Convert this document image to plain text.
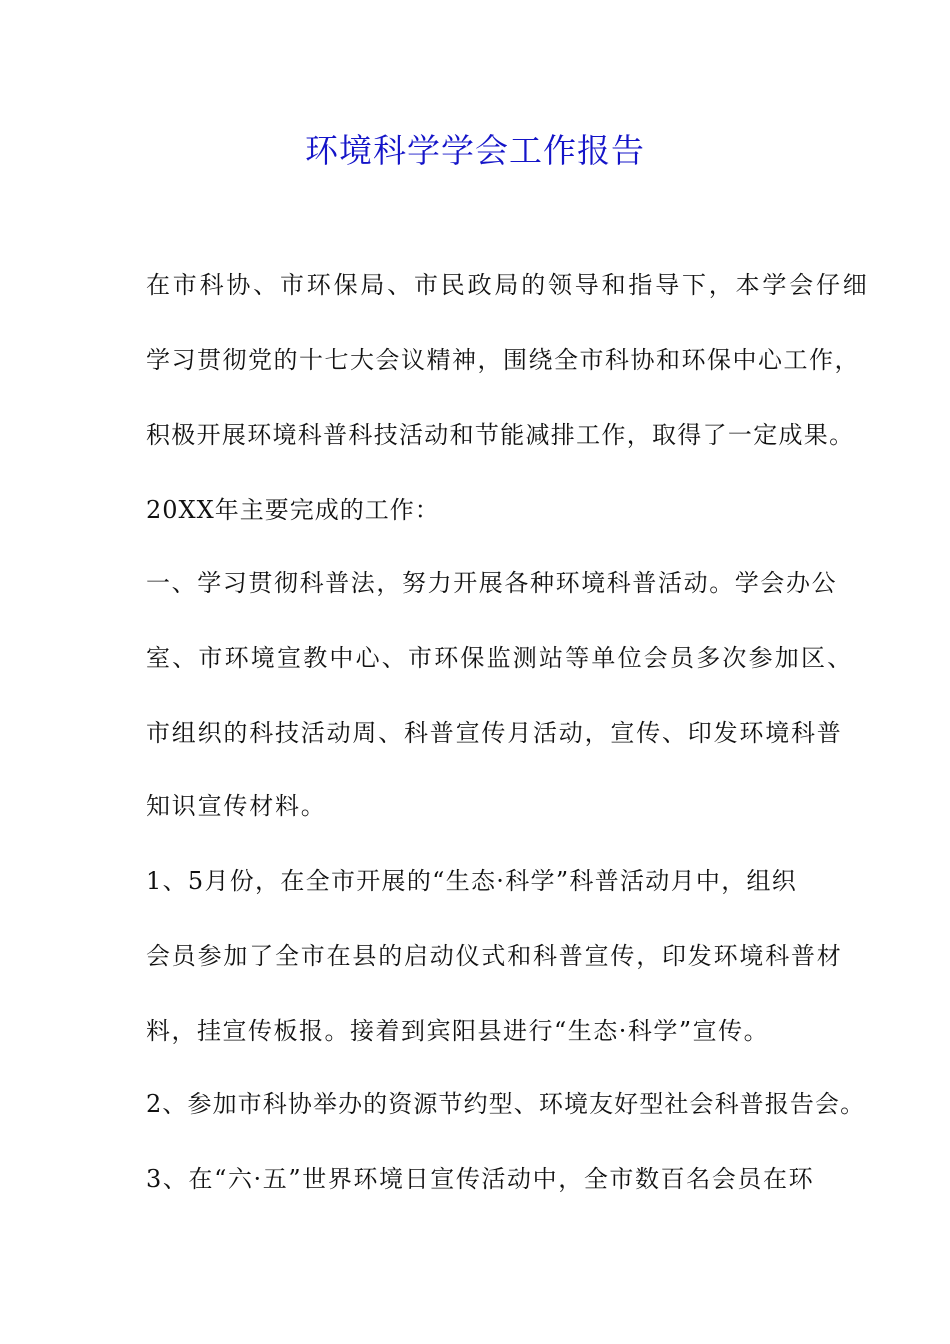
环境科学学会工作报告
在市科协、市环保局、市民政局的领导和指导下，本学会仔细
学习贯彻党的十七大会议精神，围绕全市科协和环保中心工作，
积极开展环境科普科技活动和节能减排工作，取得了一定成果。
20XX年主要完成的工作：
一、学习贯彻科普法，努力开展各种环境科普活动。学会办公
室、市环境宣教中心、市环保监测站等单位会员多次参加区、
市组织的科技活动周、科普宣传月活动，宣传、印发环境科普
知识宣传材料。
1、5月份，在全市开展的“生态·科学”科普活动月中，组织
会员参加了全市在县的启动仪式和科普宣传，印发环境科普材
料，挂宣传板报。接着到宾阳县进行“生态·科学”宣传。
2、参加市科协举办的资源节约型、环境友好型社会科普报告会。
3、在“六·五”世界环境日宣传活动中，全市数百名会员在环
